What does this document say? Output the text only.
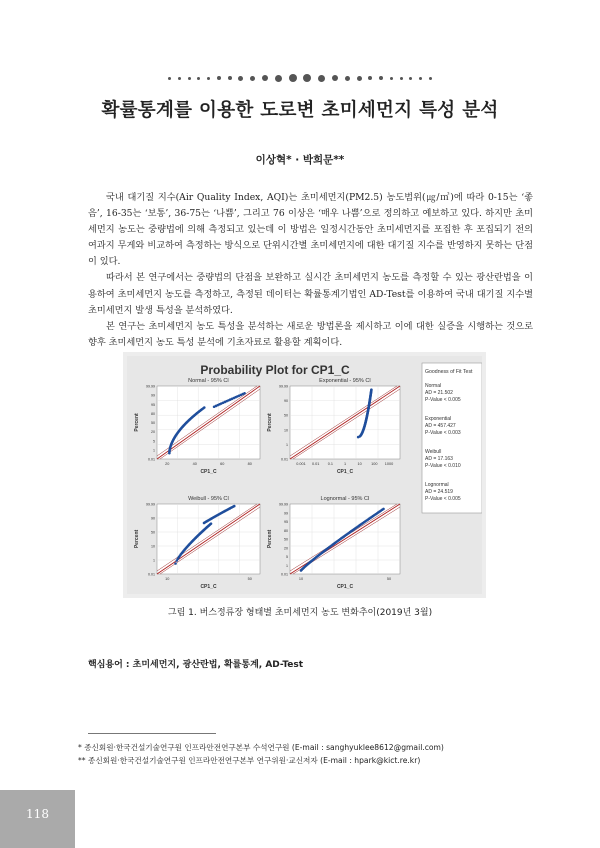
확률통계를 이용한 도로변 초미세먼지 특성 분석
이상혁* · 박희문**

국내 대기질 지수(Air Quality Index, AQI)는 초미세먼지(PM2.5) 농도범위(㎍/㎥)에 따라 0-15는 ‘좋음’, 16-35는 ‘보통’, 36-75는 ‘나쁨’, 그리고 76 이상은 ‘매우 나쁨’으로 정의하고 예보하고 있다. 하지만 초미세먼지 농도는 중량법에 의해 측정되고 있는데 이 방법은 일정시간동안 초미세먼지를 포집한 후 포집되기 전의 여과지 무게와 비교하여 측정하는 방식으로 단위시간별 초미세먼지에 대한 대기질 지수를 반영하지 못하는 단점이 있다.

따라서 본 연구에서는 중량법의 단점을 보완하고 실시간 초미세먼지 농도를 측정할 수 있는 광산란법을 이용하여 초미세먼지 농도를 측정하고, 측정된 데이터는 확률통계기법인 AD-Test를 이용하여 국내 대기질 지수별 초미세먼지 발생 특성을 분석하였다.

본 연구는 초미세먼지 농도 특성을 분석하는 새로운 방법론을 제시하고 이에 대한 실증을 시행하는 것으로 향후 초미세먼지 농도 특성 분석에 기초자료로 활용할 계획이다.

Probability Plot for CP1_C
Normal - 95% CI
99.99
99
95
80
50
20
5
1
0.01
20	40	60	80
CP1_C
Percent
Exponential - 95% CI
99.99
90
50
10
1
0.01
0.001 0.01 0.1	1	10 100 1000
CP1_C
Percent
Weibull - 95% CI
99.99
90
50
10
1
0.01
10	50
CP1_C
Percent
Lognormal - 95% CI
99.99
99
95
80
50
20
5
1
0.01
10	50
CP1_C
Percent
Goodness of Fit Test
Normal
AD = 21.502
P-Value < 0.005
Exponential
AD = 457.427
P-Value < 0.003
Weibull
AD = 17.163
P-Value < 0.010
Lognormal
AD = 24.519
P-Value < 0.005
그림 1. 버스정류장 형태별 초미세먼지 농도 변화추이(2019년 3월)
핵심용어 : 초미세먼지, 광산란법, 확률통계, AD-Test
* 종신회원·한국건설기술연구원 인프라안전연구본부 수석연구원 (E-mail : sanghyuklee8612@gmail.com)
** 종신회원·한국건설기술연구원 인프라안전연구본부 연구위원·교신저자 (E-mail : hpark@kict.re.kr)
118
